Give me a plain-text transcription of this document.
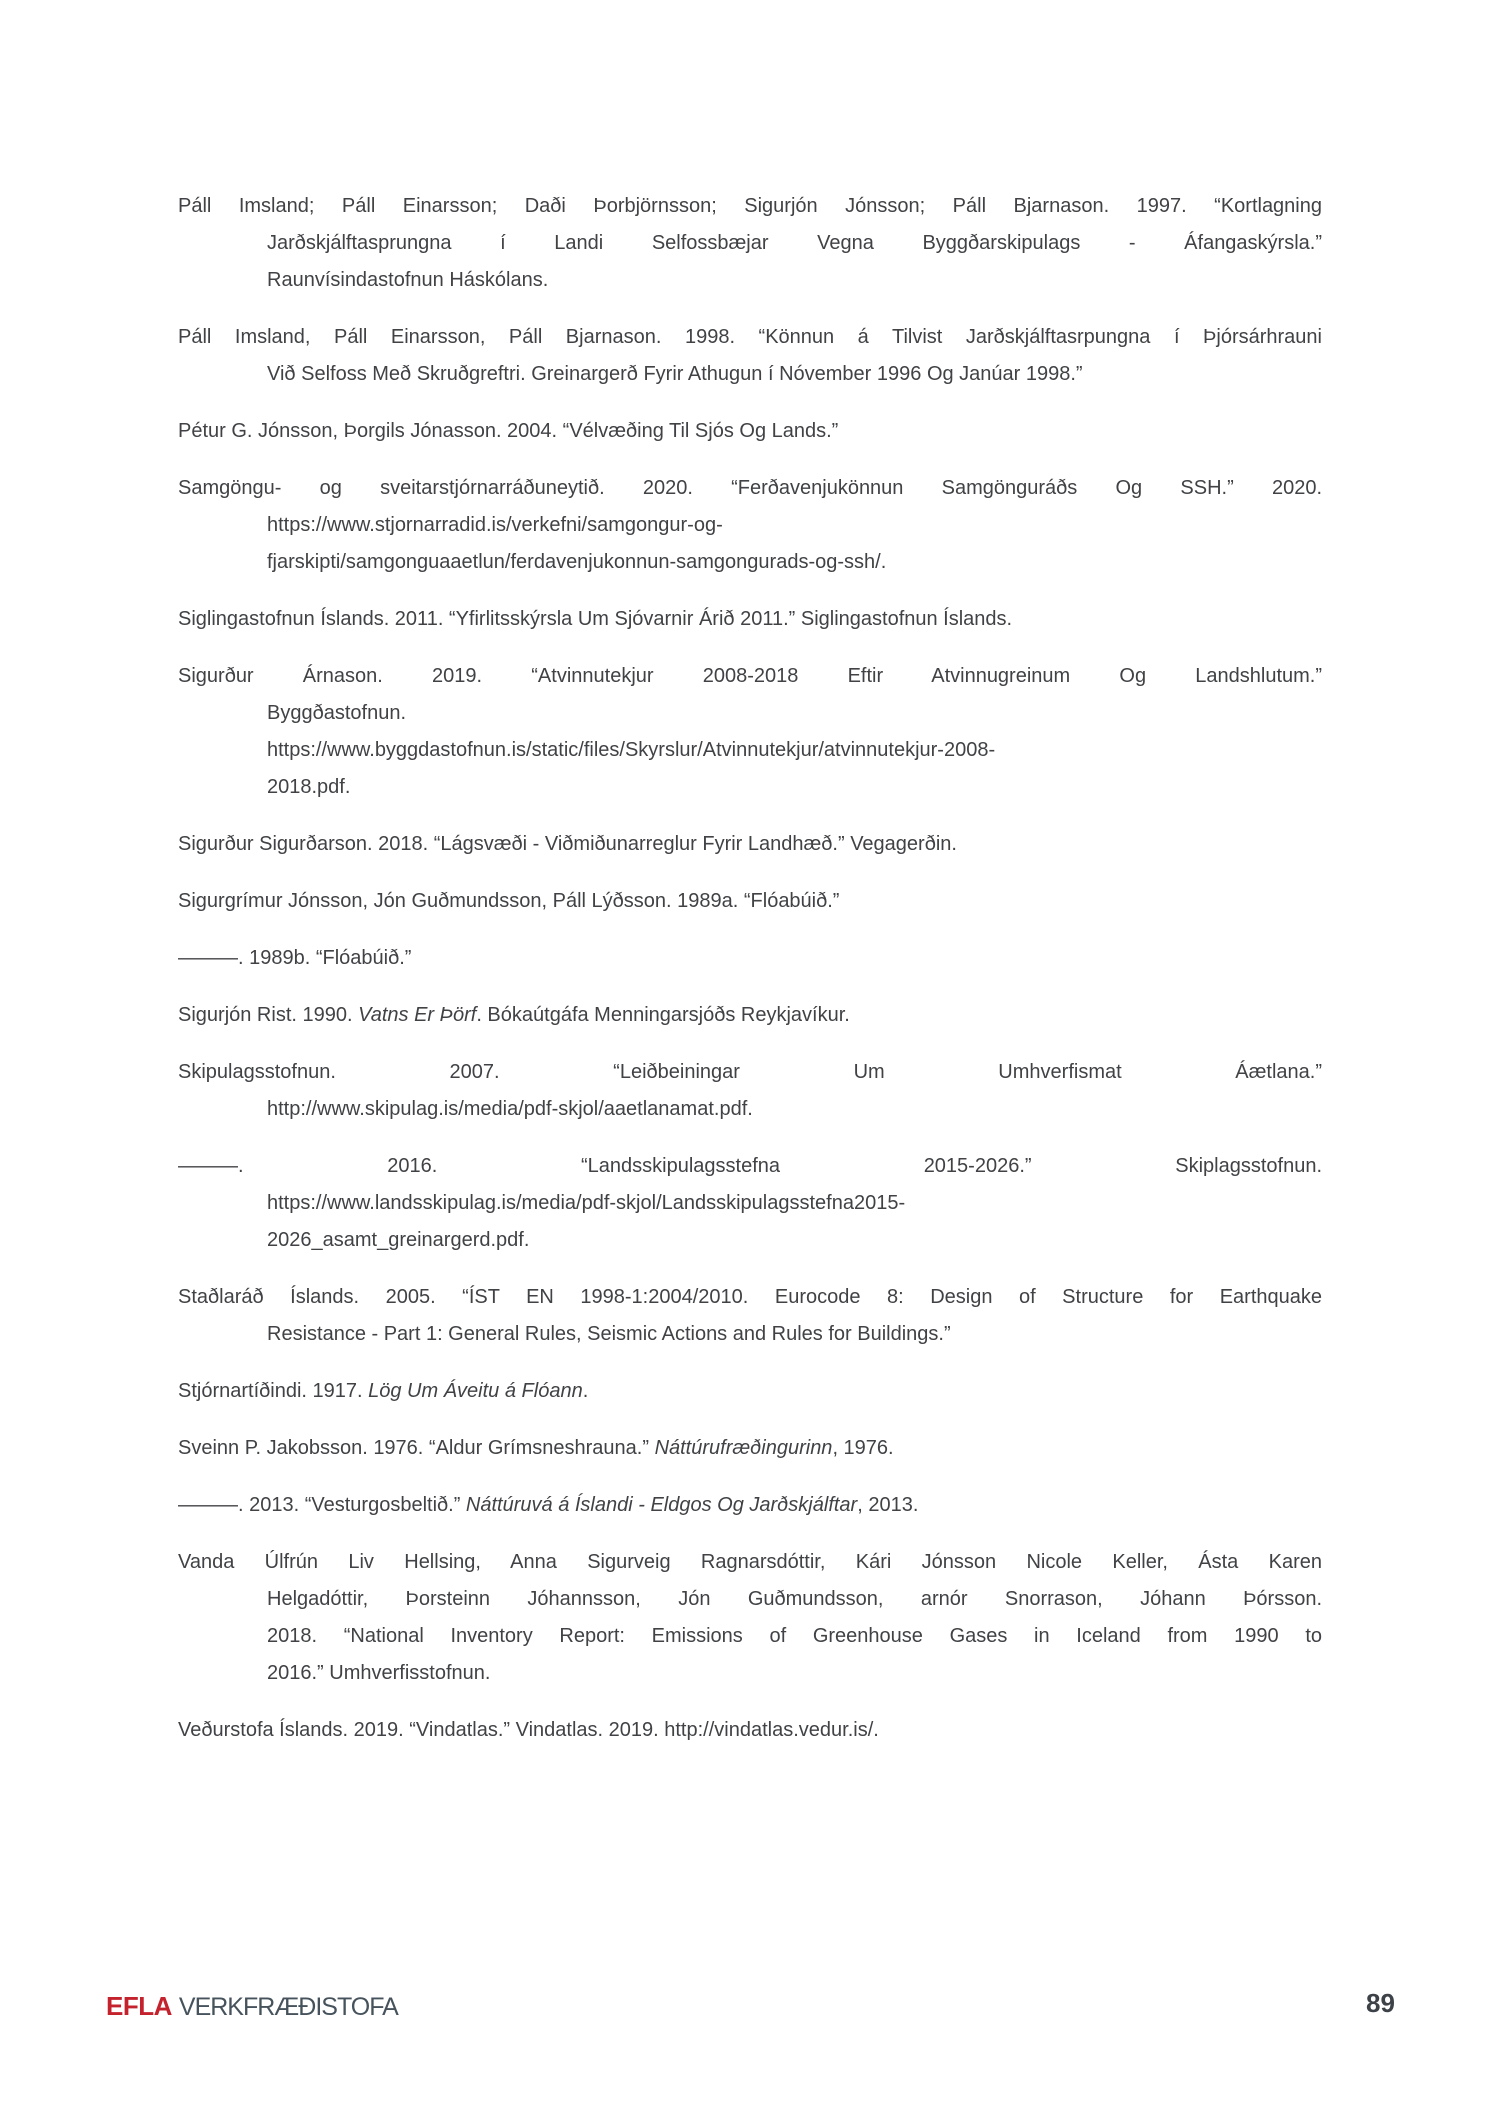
Páll Imsland; Páll Einarsson; Daði Þorbjörnsson; Sigurjón Jónsson; Páll Bjarnason. 1997. “Kortlagning
Jarðskjálftasprungna í Landi Selfossbæjar Vegna Byggðarskipulags - Áfangaskýrsla.”
Raunvísindastofnun Háskólans.
Páll Imsland, Páll Einarsson, Páll Bjarnason. 1998. “Könnun á Tilvist Jarðskjálftasrpungna í Þjórsárhrauni
Við Selfoss Með Skruðgreftri. Greinargerð Fyrir Athugun í Nóvember 1996 Og Janúar 1998.”
Pétur G. Jónsson, Þorgils Jónasson. 2004. “Vélvæðing Til Sjós Og Lands.”
Samgöngu- og sveitarstjórnarráðuneytið. 2020. “Ferðavenjukönnun Samgönguráðs Og SSH.” 2020.
https://www.stjornarradid.is/verkefni/samgongur-og-
fjarskipti/samgonguaaetlun/ferdavenjukonnun-samgongurads-og-ssh/.
Siglingastofnun Íslands. 2011. “Yfirlitsskýrsla Um Sjóvarnir Árið 2011.” Siglingastofnun Íslands.
Sigurður Árnason. 2019. “Atvinnutekjur 2008-2018 Eftir Atvinnugreinum Og Landshlutum.”
Byggðastofnun.
https://www.byggdastofnun.is/static/files/Skyrslur/Atvinnutekjur/atvinnutekjur-2008-
2018.pdf.
Sigurður Sigurðarson. 2018. “Lágsvæði - Viðmiðunarreglur Fyrir Landhæð.” Vegagerðin.
Sigurgrímur Jónsson, Jón Guðmundsson, Páll Lýðsson. 1989a. “Flóabúið.”
———. 1989b. “Flóabúið.”
Sigurjón Rist. 1990. Vatns Er Þörf. Bókaútgáfa Menningarsjóðs Reykjavíkur.
Skipulagsstofnun. 2007. “Leiðbeiningar Um Umhverfismat Áætlana.”
http://www.skipulag.is/media/pdf-skjol/aaetlanamat.pdf.
———. 2016. “Landsskipulagsstefna 2015-2026.” Skiplagsstofnun.
https://www.landsskipulag.is/media/pdf-skjol/Landsskipulagsstefna2015-
2026_asamt_greinargerd.pdf.
Staðlaráð Íslands. 2005. “ÍST EN 1998-1:2004/2010. Eurocode 8: Design of Structure for Earthquake
Resistance - Part 1: General Rules, Seismic Actions and Rules for Buildings.”
Stjórnartíðindi. 1917. Lög Um Áveitu á Flóann.
Sveinn P. Jakobsson. 1976. “Aldur Grímsneshrauna.” Náttúrufræðingurinn, 1976.
———. 2013. “Vesturgosbeltið.” Náttúruvá á Íslandi - Eldgos Og Jarðskjálftar, 2013.
Vanda Úlfrún Liv Hellsing, Anna Sigurveig Ragnarsdóttir, Kári Jónsson Nicole Keller, Ásta Karen
Helgadóttir, Þorsteinn Jóhannsson, Jón Guðmundsson, arnór Snorrason, Jóhann Þórsson.
2018. “National Inventory Report: Emissions of Greenhouse Gases in Iceland from 1990 to
2016.” Umhverfisstofnun.
Veðurstofa Íslands. 2019. “Vindatlas.” Vindatlas. 2019. http://vindatlas.vedur.is/.
EFLA VERKFRÆÐISTOFA	89
